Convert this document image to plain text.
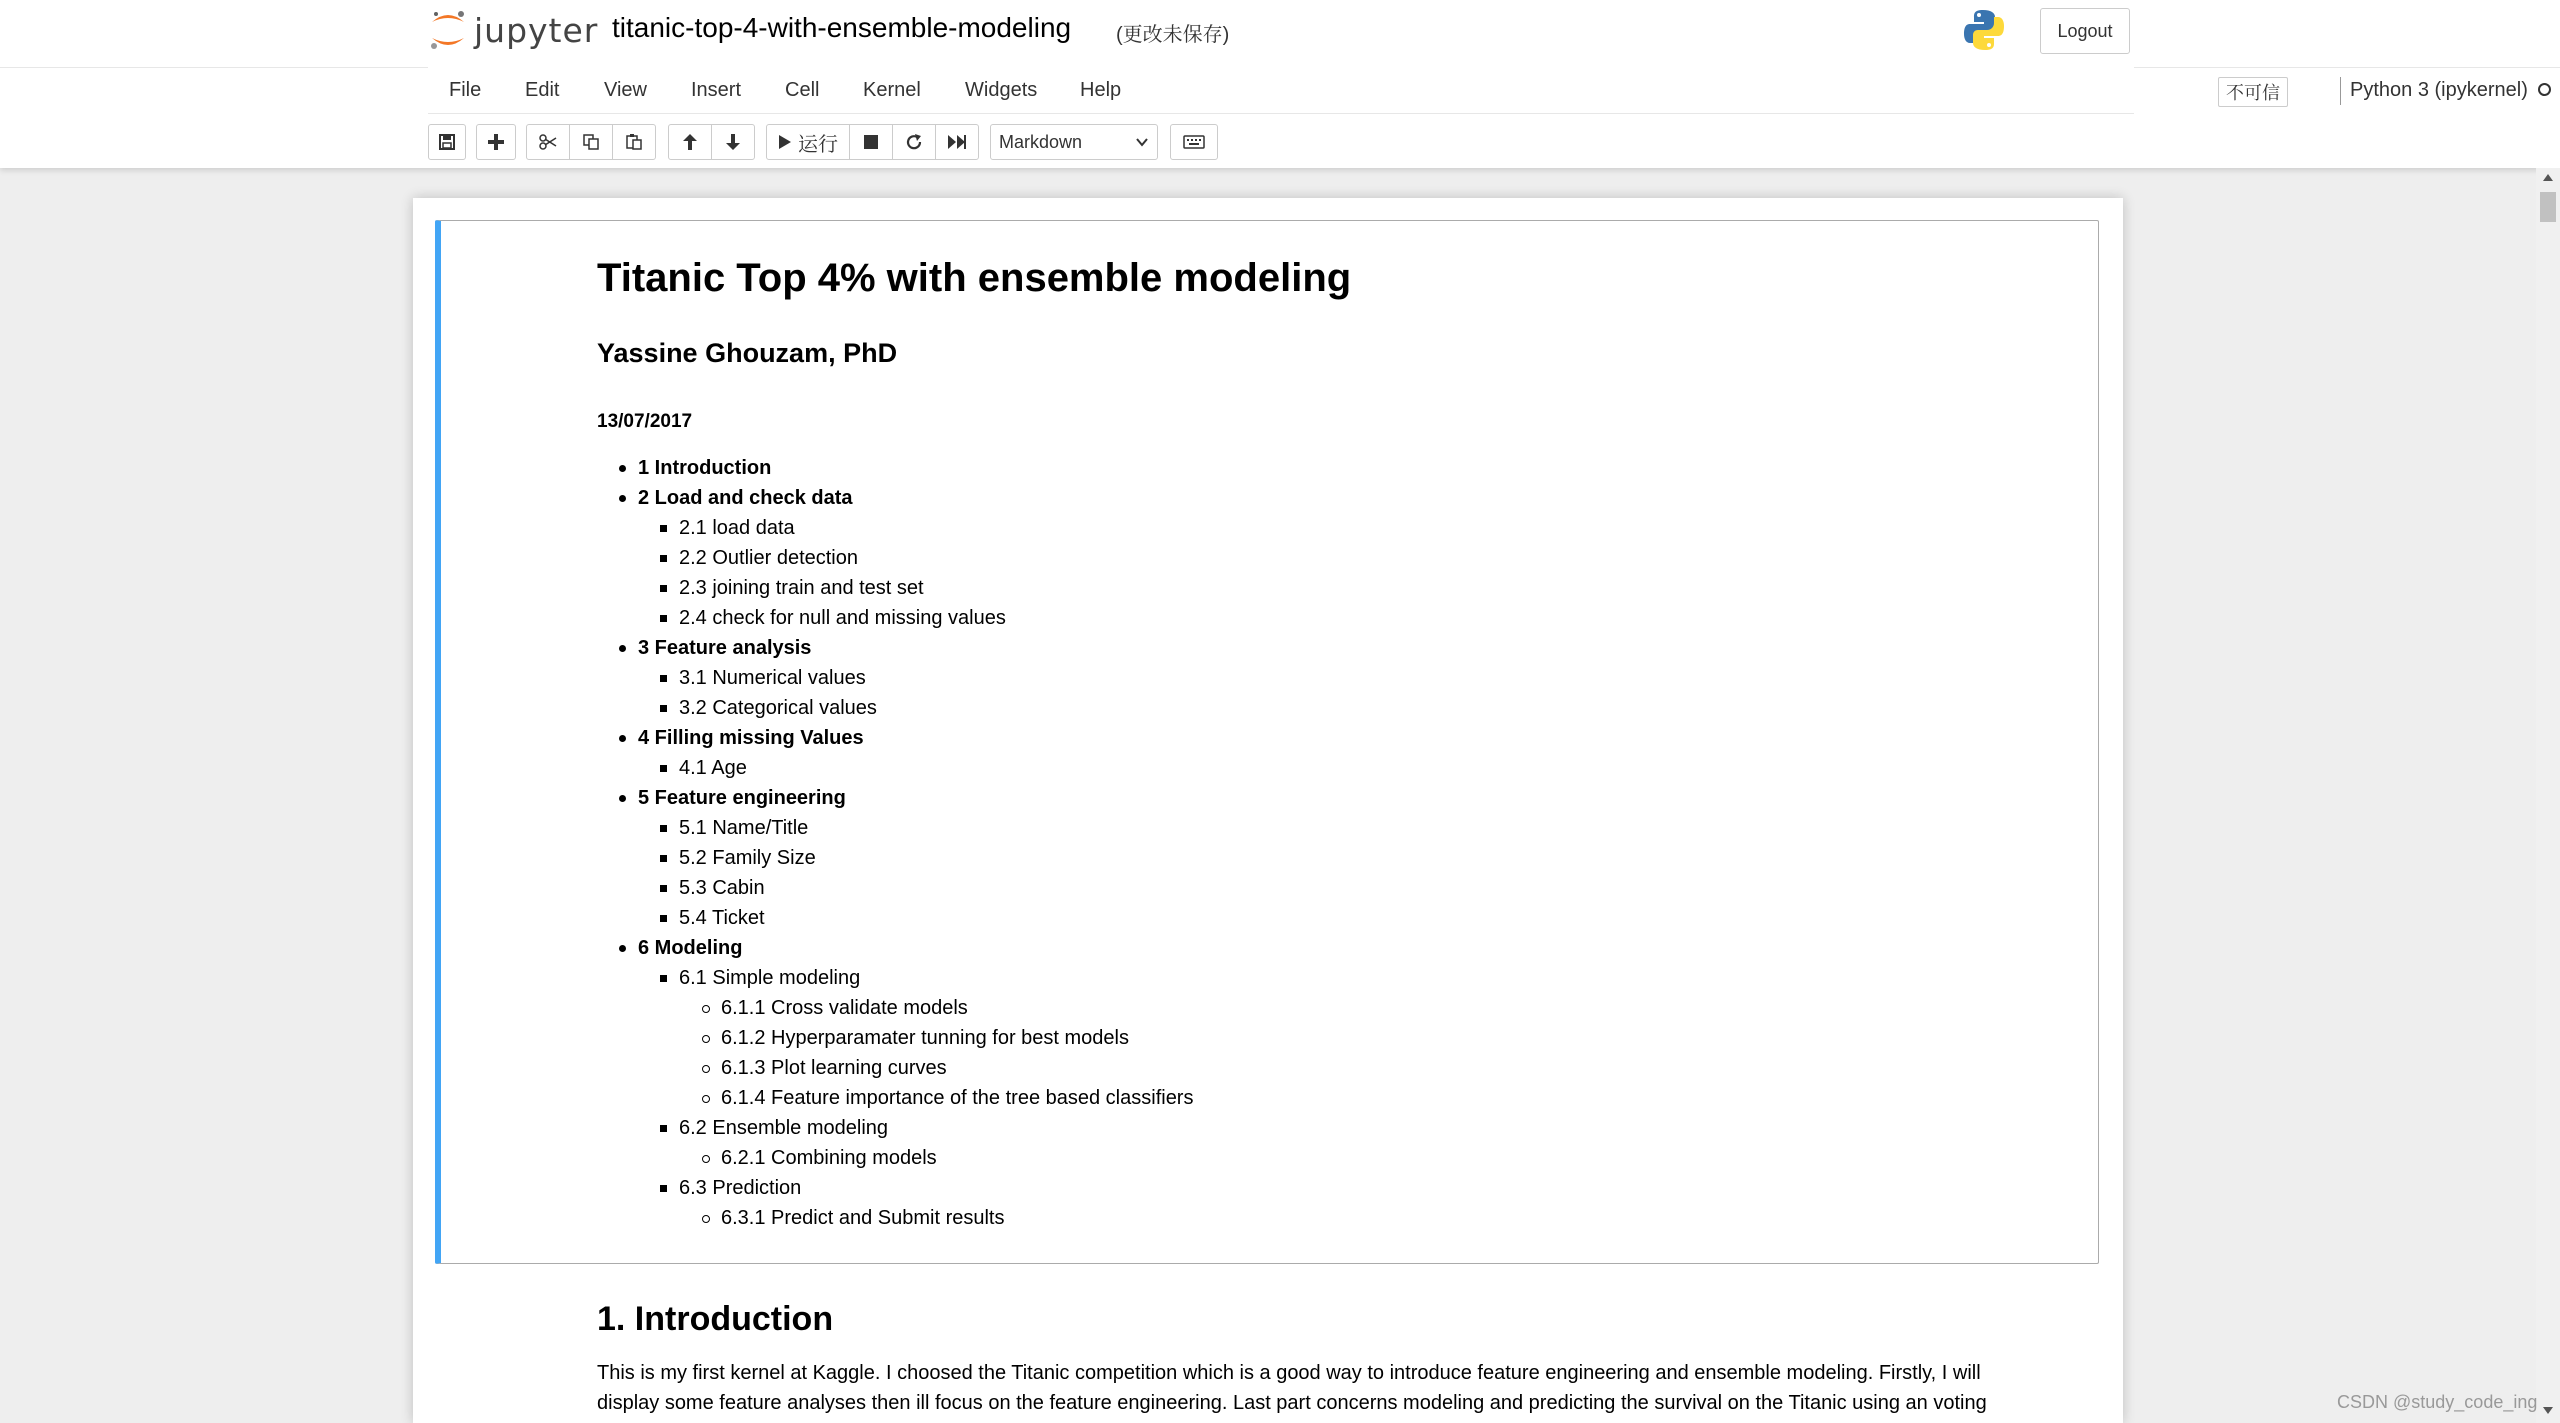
jupyter titanic-top-4-with-ensemble-modeling (更改未保存)	Logout
File Edit View Insert Cell Kernel Widgets Help	不可信	Python 3 (ipykernel)
运行	Markdown
Titanic Top 4% with ensemble modeling
Yassine Ghouzam, PhD
13/07/2017
1 Introduction
2 Load and check data
2.1 load data
2.2 Outlier detection
2.3 joining train and test set
2.4 check for null and missing values
3 Feature analysis
3.1 Numerical values
3.2 Categorical values
4 Filling missing Values
4.1 Age
5 Feature engineering
5.1 Name/Title
5.2 Family Size
5.3 Cabin
5.4 Ticket
6 Modeling
6.1 Simple modeling
6.1.1 Cross validate models
6.1.2 Hyperparamater tunning for best models
6.1.3 Plot learning curves
6.1.4 Feature importance of the tree based classifiers
6.2 Ensemble modeling
6.2.1 Combining models
6.3 Prediction
6.3.1 Predict and Submit results
1. Introduction
This is my first kernel at Kaggle. I choosed the Titanic competition which is a good way to introduce feature engineering and ensemble modeling. Firstly, I will
display some feature analyses then ill focus on the feature engineering. Last part concerns modeling and predicting the survival on the Titanic using an voting	CSDN @study_code_ing
